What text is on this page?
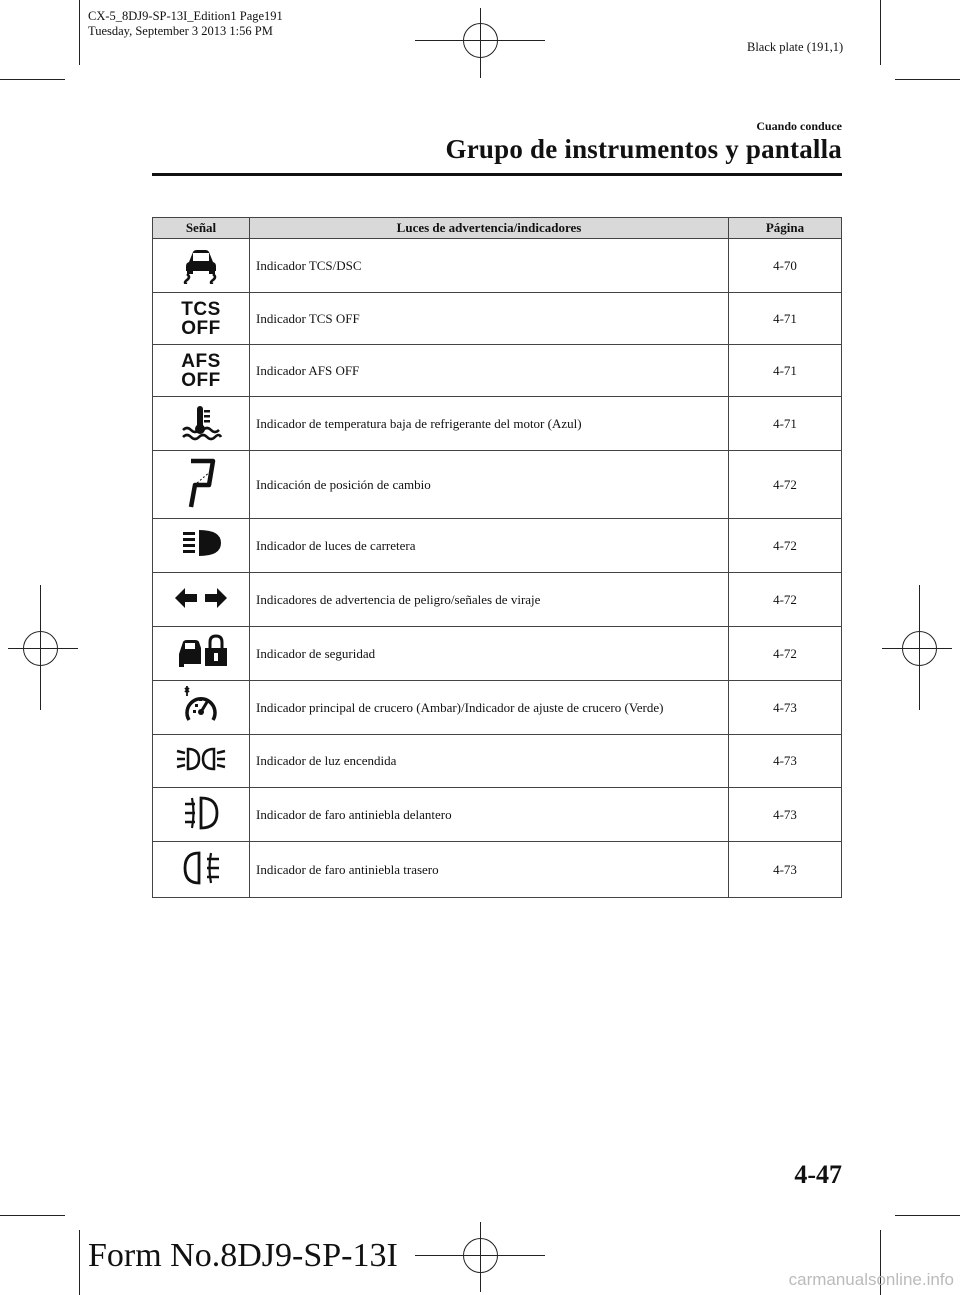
CX-5_8DJ9-SP-13I_Edition1 Page191
Tuesday, September 3 2013 1:56 PM
Black plate (191,1)
Cuando conduce
Grupo de instrumentos y pantalla
Señal	Luces de advertencia/indicadores	Página
	Indicador TCS/DSC	4-70
TCS
OFF	Indicador TCS OFF	4-71
AFS
OFF	Indicador AFS OFF	4-71
	Indicador de temperatura baja de refrigerante del motor (Azul)	4-71
	Indicación de posición de cambio	4-72
	Indicador de luces de carretera	4-72
	Indicadores de advertencia de peligro/señales de viraje	4-72
	Indicador de seguridad	4-72
	Indicador principal de crucero (Ambar)/Indicador de ajuste de crucero (Verde)	4-73
	Indicador de luz encendida	4-73
	Indicador de faro antiniebla delantero	4-73
	Indicador de faro antiniebla trasero	4-73
4-47
Form No.8DJ9-SP-13I
carmanualsonline.info
